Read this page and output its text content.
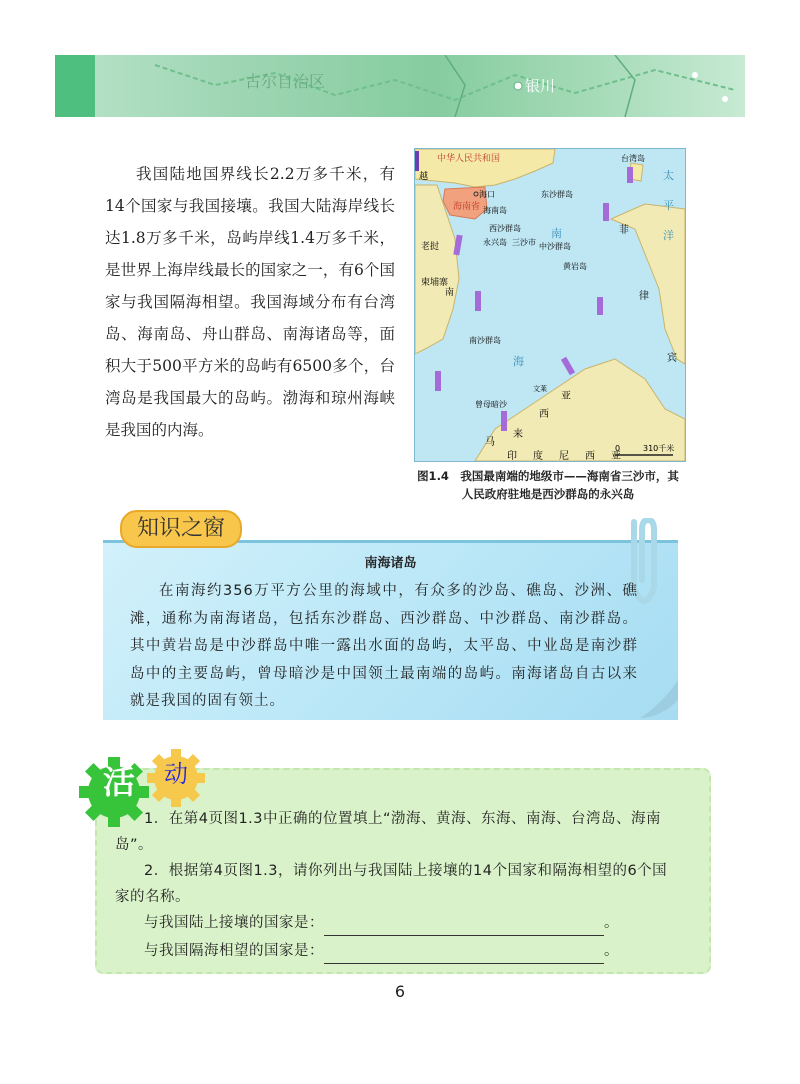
古尔自治区	银川

我国陆地国界线长2.2万多千米，有14个国家与我国接壤。我国大陆海岸线长达1.8万多千米，岛屿岸线1.4万多千米，是世界上海岸线最长的国家之一，有6个国家与我国隔海相望。我国海域分布有台湾岛、海南岛、舟山群岛、南海诸岛等，面积大于500平方米的岛屿有6500多个，台湾岛是我国最大的岛屿。渤海和琼州海峡是我国的内海。

中华人民共和国
越
海口
海南省 海南岛
台湾岛
东沙群岛
西沙群岛
永兴岛 三沙市 中沙群岛
黄岩岛
南沙群岛
曾母暗沙
文莱
老挝
柬埔寨
南
南
海
太
平
洋
菲
律
宾
马
来
西
亚
印 度 尼 西 亚
0	310千米

图1.4　我国最南端的地级市——海南省三沙市，其人民政府驻地是西沙群岛的永兴岛

知识之窗

南海诸岛

在南海约356万平方公里的海域中，有众多的沙岛、礁岛、沙洲、礁滩，通称为南海诸岛，包括东沙群岛、西沙群岛、中沙群岛、南沙群岛。其中黄岩岛是中沙群岛中唯一露出水面的岛屿，太平岛、中业岛是南沙群岛中的主要岛屿，曾母暗沙是中国领土最南端的岛屿。南海诸岛自古以来就是我国的固有领土。

活	动

1．在第4页图1.3中正确的位置填上“渤海、黄海、东海、南海、台湾岛、海南岛”。

2．根据第4页图1.3，请你列出与我国陆上接壤的14个国家和隔海相望的6个国家的名称。

与我国陆上接壤的国家是：	。

与我国隔海相望的国家是：	。

6
